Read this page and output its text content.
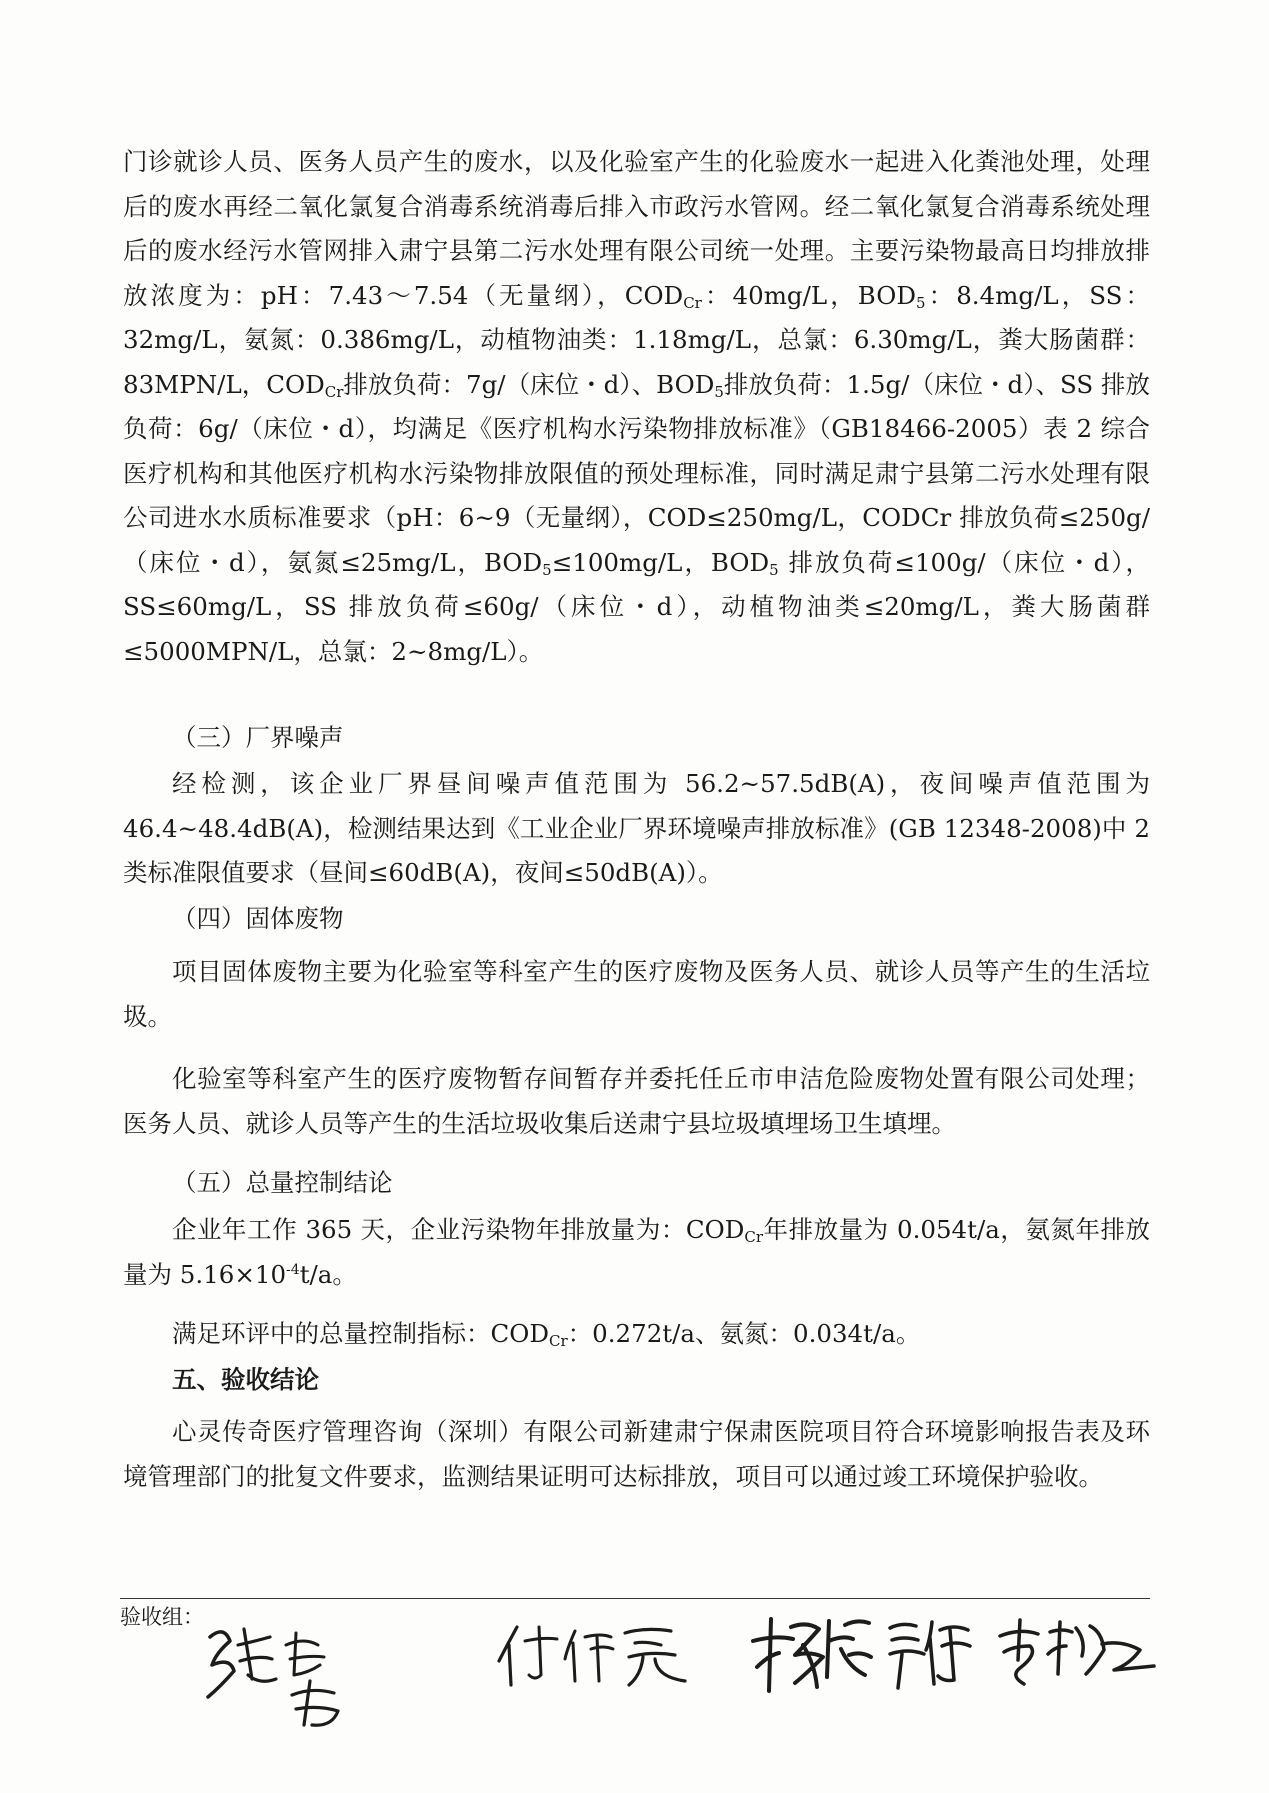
门诊就诊人员、医务人员产生的废水，以及化验室产生的化验废水一起进入化粪池处理，处理后的废水再经二氧化氯复合消毒系统消毒后排入市政污水管网。经二氧化氯复合消毒系统处理后的废水经污水管网排入肃宁县第二污水处理有限公司统一处理。主要污染物最高日均排放排放浓度为：pH：7.43～7.54（无量纲），$COD_{Cr}$：40mg/L，$BOD_5$：8.4mg/L，SS：32mg/L，氨氮：0.386mg/L，动植物油类：1.18mg/L，总氯：6.30mg/L，粪大肠菌群：83MPN/L，$COD_{Cr}$排放负荷：7g/（床位・d）、$BOD_5$排放负荷：1.5g/（床位・d）、SS 排放负荷：6g/（床位・d），均满足《医疗机构水污染物排放标准》（GB18466-2005）表 2 综合医疗机构和其他医疗机构水污染物排放限值的预处理标准，同时满足肃宁县第二污水处理有限公司进水水质标准要求（pH：6~9（无量纲），COD≤250mg/L，CODCr 排放负荷≤250g/（床位・d），氨氮≤25mg/L，$BOD_5\le 100mg/L$，$BOD_5$ 排放负荷≤100g/（床位・d），SS≤60mg/L，SS 排放负荷≤60g/（床位・d），动植物油类≤20mg/L，粪大肠菌群≤5000MPN/L，总氯：2~8mg/L）。

（三）厂界噪声

经检测，该企业厂界昼间噪声值范围为 56.2~57.5dB(A)，夜间噪声值范围为 46.4~48.4dB(A)，检测结果达到《工业企业厂界环境噪声排放标准》(GB 12348-2008)中 2 类标准限值要求（昼间≤60dB(A)，夜间≤50dB(A)）。

（四）固体废物

项目固体废物主要为化验室等科室产生的医疗废物及医务人员、就诊人员等产生的生活垃圾。

化验室等科室产生的医疗废物暂存间暂存并委托任丘市申洁危险废物处置有限公司处理；医务人员、就诊人员等产生的生活垃圾收集后送肃宁县垃圾填埋场卫生填埋。

（五）总量控制结论

企业年工作 365 天，企业污染物年排放量为：$COD_{Cr}$年排放量为 0.054t/a，氨氮年排放量为 $5.16\times 10^{-4}t/a$。

满足环评中的总量控制指标：$COD_{Cr}$：0.272t/a、氨氮：0.034t/a。

五、验收结论

心灵传奇医疗管理咨询（深圳）有限公司新建肃宁保肃医院项目符合环境影响报告表及环境管理部门的批复文件要求，监测结果证明可达标排放，项目可以通过竣工环境保护验收。

验收组：
